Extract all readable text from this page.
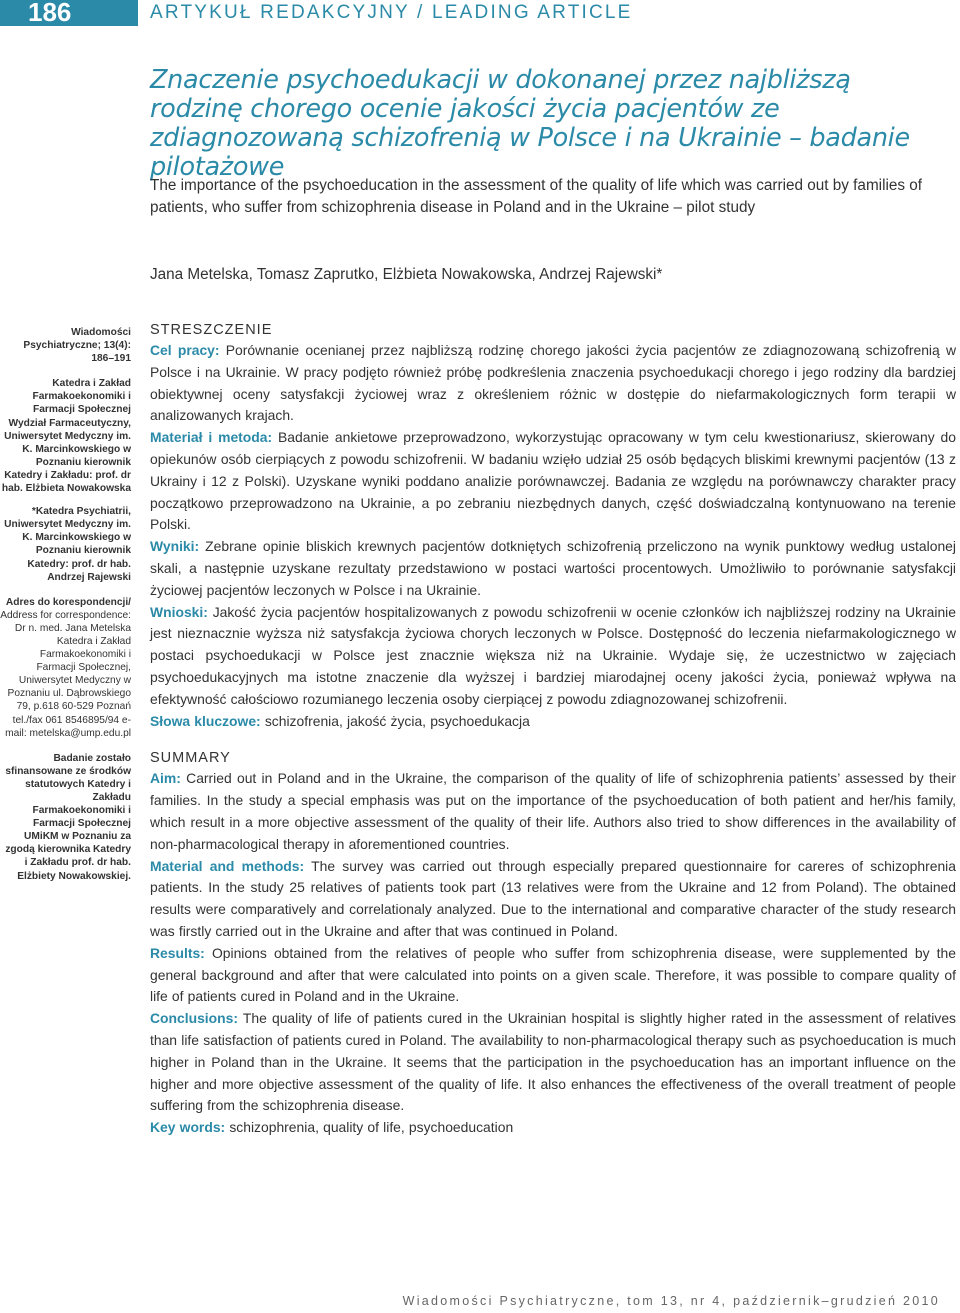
186	ARTYKUŁ REDAKCYJNY / LEADING ARTICLE
Znaczenie psychoedukacji w dokonanej przez najbliższą rodzinę chorego ocenie jakości życia pacjentów ze zdiagnozowaną schizofrenią w Polsce i na Ukrainie – badanie pilotażowe

The importance of the psychoeducation in the assessment of the quality of life which was carried out by families of patients, who suffer from schizophrenia disease in Poland and in the Ukraine – pilot study

Jana Metelska, Tomasz Zaprutko, Elżbieta Nowakowska, Andrzej Rajewski*
Wiadomości Psychiatryczne; 13(4): 186–191
Katedra i Zakład Farmakoekonomiki i Farmacji Społecznej Wydział Farmaceutyczny, Uniwersytet Medyczny im. K. Marcinkowskiego w Poznaniu kierownik Katedry i Zakładu: prof. dr hab. Elżbieta Nowakowska
*Katedra Psychiatrii, Uniwersytet Medyczny im. K. Marcinkowskiego w Poznaniu kierownik Katedry: prof. dr hab. Andrzej Rajewski
Adres do korespondencji/ Address for correspondence:
Dr n. med. Jana Metelska Katedra i Zakład Farmakoekonomiki i Farmacji Społecznej, Uniwersytet Medyczny w Poznaniu ul. Dąbrowskiego 79, p.618 60-529 Poznań tel./fax 061 8546895/94 e-mail: metelska@ump.edu.pl
Badanie zostało sfinansowane ze środków statutowych Katedry i Zakładu Farmakoekonomiki i Farmacji Społecznej UMiKM w Poznaniu za zgodą kierownika Katedry i Zakładu prof. dr hab. Elżbiety Nowakowskiej.
STRESZCZENIE

Cel pracy: Porównanie ocenianej przez najbliższą rodzinę chorego jakości życia pacjentów ze zdiagnozowaną schizofrenią w Polsce i na Ukrainie. W pracy podjęto również próbę podkreślenia znaczenia psychoedukacji chorego i jego rodziny dla bardziej obiektywnej oceny satysfakcji życiowej wraz z określeniem różnic w dostępie do niefarmakologicznych form terapii w analizowanych krajach.

Materiał i metoda: Badanie ankietowe przeprowadzono, wykorzystując opracowany w tym celu kwestionariusz, skierowany do opiekunów osób cierpiących z powodu schizofrenii. W badaniu wzięło udział 25 osób będących bliskimi krewnymi pacjentów (13 z Ukrainy i 12 z Polski). Uzyskane wyniki poddano analizie porównawczej. Badania ze względu na porównawczy charakter pracy początkowo przeprowadzono na Ukrainie, a po zebraniu niezbędnych danych, część doświadczalną kontynuowano na terenie Polski.

Wyniki: Zebrane opinie bliskich krewnych pacjentów dotkniętych schizofrenią przeliczono na wynik punktowy według ustalonej skali, a następnie uzyskane rezultaty przedstawiono w postaci wartości procentowych. Umożliwiło to porównanie satysfakcji życiowej pacjentów leczonych w Polsce i na Ukrainie.

Wnioski: Jakość życia pacjentów hospitalizowanych z powodu schizofrenii w ocenie członków ich najbliższej rodziny na Ukrainie jest nieznacznie wyższa niż satysfakcja życiowa chorych leczonych w Polsce. Dostępność do leczenia niefarmakologicznego w postaci psychoedukacji w Polsce jest znacznie większa niż na Ukrainie. Wydaje się, że uczestnictwo w zajęciach psychoedukacyjnych ma istotne znaczenie dla wyższej i bardziej miarodajnej oceny jakości życia, ponieważ wpływa na efektywność całościowo rozumianego leczenia osoby cierpiącej z powodu zdiagnozowanej schizofrenii.

Słowa kluczowe: schizofrenia, jakość życia, psychoedukacja

SUMMARY

Aim: Carried out in Poland and in the Ukraine, the comparison of the quality of life of schizophrenia patients’ assessed by their families. In the study a special emphasis was put on the importance of the psychoeducation of both patient and her/his family, which result in a more objective assessment of the quality of their life. Authors also tried to show differences in the availability of non-pharmacological therapy in aforementioned countries.

Material and methods: The survey was carried out through especially prepared questionnaire for careres of schizophrenia patients. In the study 25 relatives of patients took part (13 relatives were from the Ukraine and 12 from Poland). The obtained results were comparatively and correlationaly analyzed. Due to the international and comparative character of the study research was firstly carried out in the Ukraine and after that was continued in Poland.

Results: Opinions obtained from the relatives of people who suffer from schizophrenia disease, were supplemented by the general background and after that were calculated into points on a given scale. Therefore, it was possible to compare quality of life of patients cured in Poland and in the Ukraine.

Conclusions: The quality of life of patients cured in the Ukrainian hospital is slightly higher rated in the assessment of relatives than life satisfaction of patients cured in Poland. The availability to non-pharmacological therapy such as psychoeducation is much higher in Poland than in the Ukraine. It seems that the participation in the psychoeducation has an important influence on the higher and more objective assessment of the quality of life. It also enhances the effectiveness of the overall treatment of people suffering from the schizophrenia disease.

Key words: schizophrenia, quality of life, psychoeducation

Wiadomości Psychiatryczne, tom 13, nr 4, październik–grudzień 2010
